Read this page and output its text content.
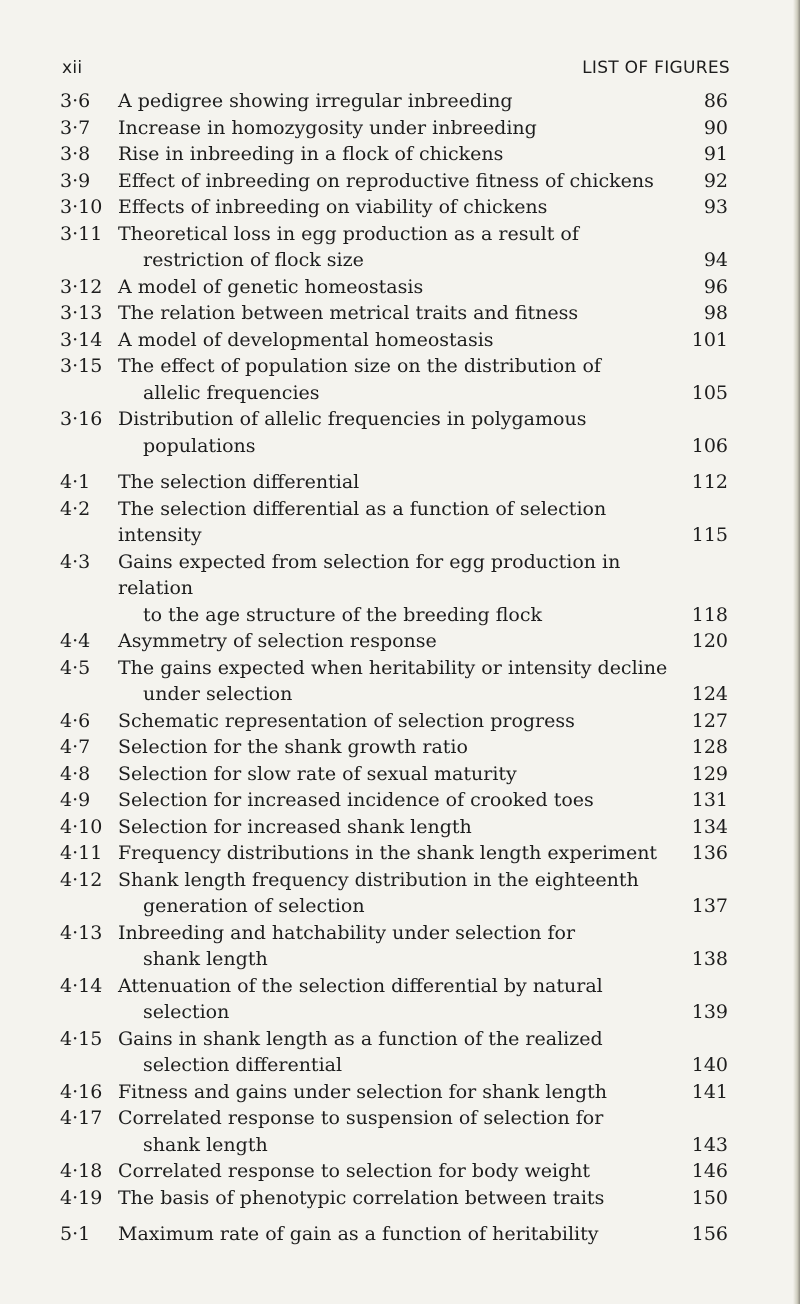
xii	LIST OF FIGURES
3·6 A pedigree showing irregular inbreeding	86
3·7 Increase in homozygosity under inbreeding	90
3·8 Rise in inbreeding in a flock of chickens	91
3·9 Effect of inbreeding on reproductive fitness of chickens	92
3·10 Effects of inbreeding on viability of chickens	93
3·11 Theoretical loss in egg production as a result of
restriction of flock size	94
3·12 A model of genetic homeostasis	96
3·13 The relation between metrical traits and fitness	98
3·14 A model of developmental homeostasis	101
3·15 The effect of population size on the distribution of
allelic frequencies	105
3·16 Distribution of allelic frequencies in polygamous
populations	106
4·1 The selection differential	112
4·2 The selection differential as a function of selection intensity	115
4·3 Gains expected from selection for egg production in relation
to the age structure of the breeding flock	118
4·4 Asymmetry of selection response	120
4·5 The gains expected when heritability or intensity decline
under selection	124
4·6 Schematic representation of selection progress	127
4·7 Selection for the shank growth ratio	128
4·8 Selection for slow rate of sexual maturity	129
4·9 Selection for increased incidence of crooked toes	131
4·10 Selection for increased shank length	134
4·11 Frequency distributions in the shank length experiment	136
4·12 Shank length frequency distribution in the eighteenth
generation of selection	137
4·13 Inbreeding and hatchability under selection for
shank length	138
4·14 Attenuation of the selection differential by natural
selection	139
4·15 Gains in shank length as a function of the realized
selection differential	140
4·16 Fitness and gains under selection for shank length	141
4·17 Correlated response to suspension of selection for
shank length	143
4·18 Correlated response to selection for body weight	146
4·19 The basis of phenotypic correlation between traits	150
5·1 Maximum rate of gain as a function of heritability	156
